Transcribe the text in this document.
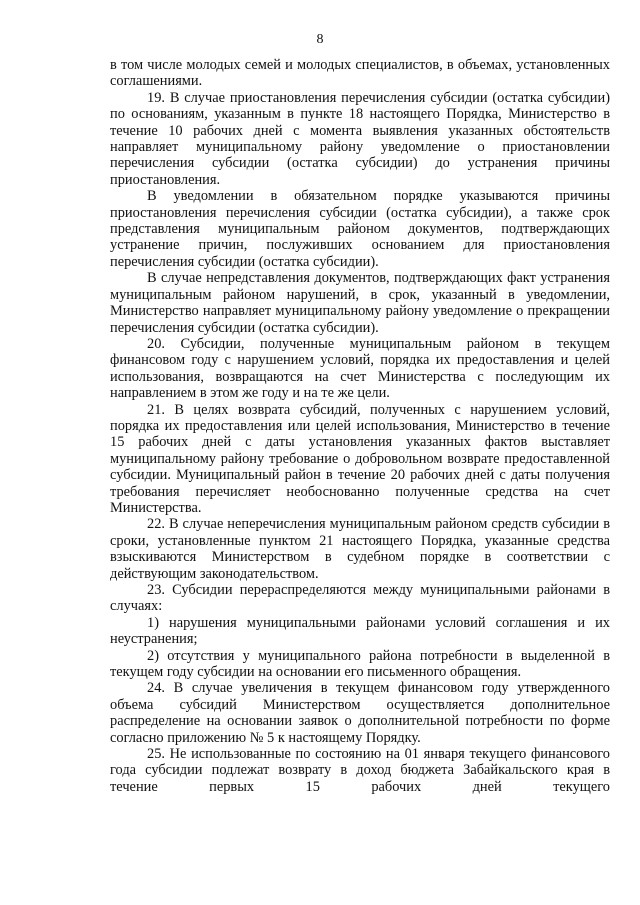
8

в том числе молодых семей и молодых специалистов, в объемах, установленных соглашениями.

19. В случае приостановления перечисления субсидии (остатка субсидии) по основаниям, указанным в пункте 18 настоящего Порядка, Министерство в течение 10 рабочих дней с момента выявления указанных обстоятельств направляет муниципальному району уведомление о приостановлении перечисления субсидии (остатка субсидии) до устранения причины приостановления.

В уведомлении в обязательном порядке указываются причины приостановления перечисления субсидии (остатка субсидии), а также срок представления муниципальным районом документов, подтверждающих устранение причин, послуживших основанием для приостановления перечисления субсидии (остатка субсидии).

В случае непредставления документов, подтверждающих факт устранения муниципальным районом нарушений, в срок, указанный в уведомлении, Министерство направляет муниципальному району уведомление о прекращении перечисления субсидии (остатка субсидии).

20. Субсидии, полученные муниципальным районом в текущем финансовом году с нарушением условий, порядка их предоставления и целей использования, возвращаются на счет Министерства с последующим их направлением в этом же году и на те же цели.

21. В целях возврата субсидий, полученных с нарушением условий, порядка их предоставления или целей использования, Министерство в течение 15 рабочих дней с даты установления указанных фактов выставляет муниципальному району требование о добровольном возврате предоставленной субсидии. Муниципальный район в течение 20 рабочих дней с даты получения требования перечисляет необоснованно полученные средства на счет Министерства.

22. В случае неперечисления муниципальным районом средств субсидии в сроки, установленные пунктом 21 настоящего Порядка, указанные средства взыскиваются Министерством в судебном порядке в соответствии с действующим законодательством.

23. Субсидии перераспределяются между муниципальными районами в случаях:

1) нарушения муниципальными районами условий соглашения и их неустранения;

2) отсутствия у муниципального района потребности в выделенной в текущем году субсидии на основании его письменного обращения.

24. В случае увеличения в текущем финансовом году утвержденного объема субсидий Министерством осуществляется дополнительное распределение на основании заявок о дополнительной потребности по форме согласно приложению № 5 к настоящему Порядку.

25. Не использованные по состоянию на 01 января текущего финансового года субсидии подлежат возврату в доход бюджета Забайкальского края в течение первых 15 рабочих дней текущего
